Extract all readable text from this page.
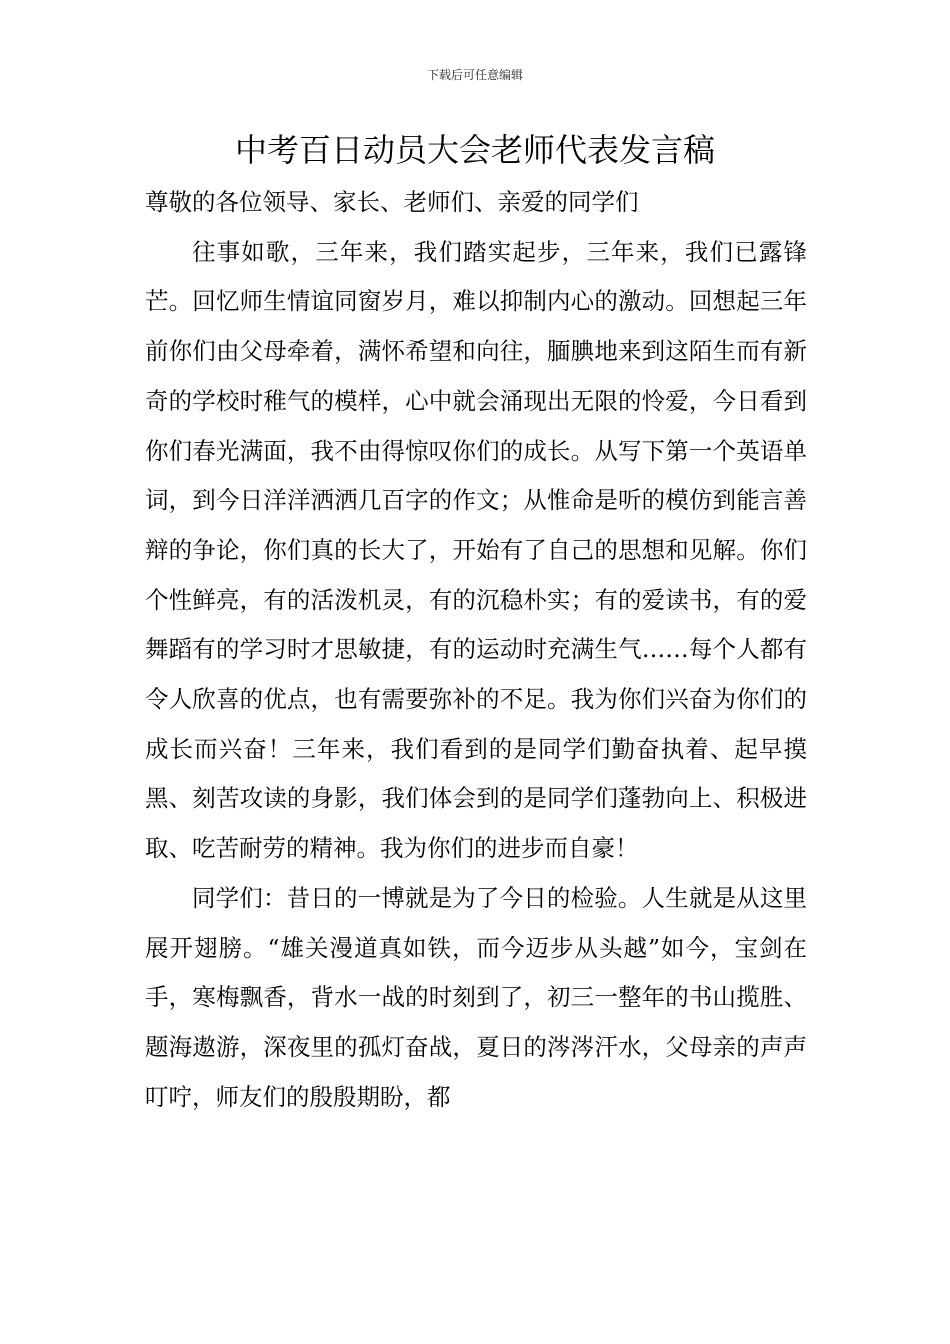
下载后可任意编辑
中考百日动员大会老师代表发言稿

尊敬的各位领导、家长、老师们、亲爱的同学们

往事如歌，三年来，我们踏实起步，三年来，我们已露锋芒。回忆师生情谊同窗岁月，难以抑制内心的激动。回想起三年前你们由父母牵着，满怀希望和向往，腼腆地来到这陌生而有新奇的学校时稚气的模样，心中就会涌现出无限的怜爱，今日看到你们春光满面，我不由得惊叹你们的成长。从写下第一个英语单词，到今日洋洋洒洒几百字的作文；从惟命是听的模仿到能言善辩的争论，你们真的长大了，开始有了自己的思想和见解。你们个性鲜亮，有的活泼机灵，有的沉稳朴实；有的爱读书，有的爱舞蹈有的学习时才思敏捷，有的运动时充满生气……每个人都有令人欣喜的优点，也有需要弥补的不足。我为你们兴奋为你们的成长而兴奋！三年来，我们看到的是同学们勤奋执着、起早摸黑、刻苦攻读的身影，我们体会到的是同学们蓬勃向上、积极进取、吃苦耐劳的精神。我为你们的进步而自豪！

同学们：昔日的一博就是为了今日的检验。人生就是从这里展开翅膀。“雄关漫道真如铁，而今迈步从头越”如今，宝剑在手，寒梅飘香，背水一战的时刻到了，初三一整年的书山揽胜、题海遨游，深夜里的孤灯奋战，夏日的涔涔汗水，父母亲的声声叮咛，师友们的殷殷期盼，都
